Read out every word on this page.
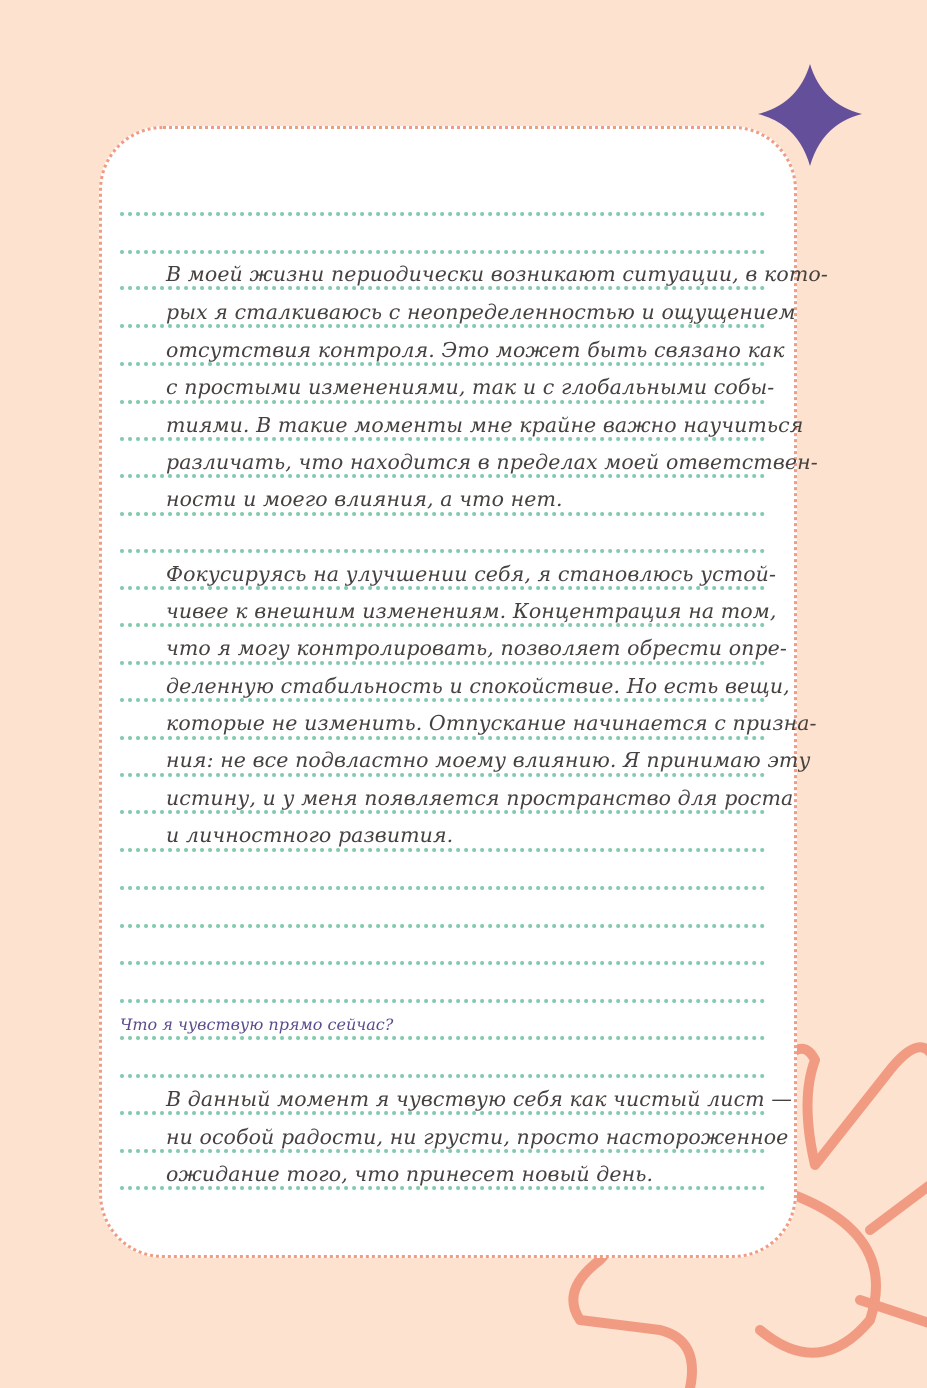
В моей жизни периодически возникают ситуации, в кото-
рых я сталкиваюсь с неопределенностью и ощущением
отсутствия контроля. Это может быть связано как
с простыми изменениями, так и с глобальными собы-
тиями. В такие моменты мне крайне важно научиться
различать, что находится в пределах моей ответствен-
ности и моего влияния, а что нет.
Фокусируясь на улучшении себя, я становлюсь устой-
чивее к внешним изменениям. Концентрация на том,
что я могу контролировать, позволяет обрести опре-
деленную стабильность и спокойствие. Но есть вещи,
которые не изменить. Отпускание начинается с призна-
ния: не все подвластно моему влиянию. Я принимаю эту
истину, и у меня появляется пространство для роста
и личностного развития.
Что я чувствую прямо сейчас?
В данный момент я чувствую себя как чистый лист —
ни особой радости, ни грусти, просто настороженное
ожидание того, что принесет новый день.
